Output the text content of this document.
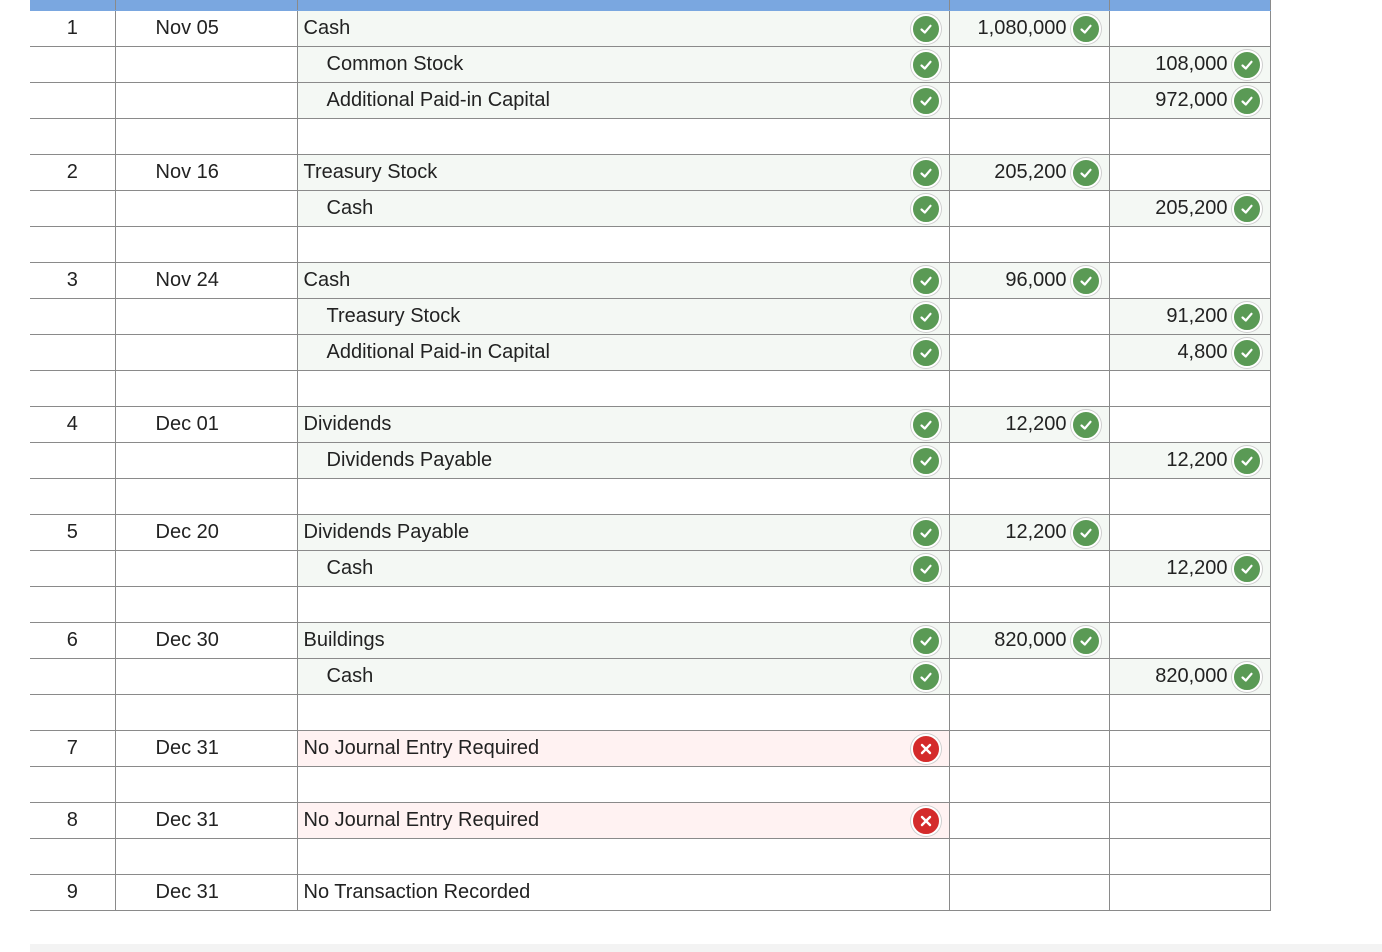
1	Nov 05	Cash	1,080,000	

		Common Stock		108,000

		Additional Paid-in Capital		972,000

2	Nov 16	Treasury Stock	205,200	

		Cash		205,200

3	Nov 24	Cash	96,000	

		Treasury Stock		91,200

		Additional Paid-in Capital		4,800

4	Dec 01	Dividends	12,200	

		Dividends Payable		12,200

5	Dec 20	Dividends Payable	12,200	

		Cash		12,200

6	Dec 30	Buildings	820,000	

		Cash		820,000

7	Dec 31	No Journal Entry Required		

8	Dec 31	No Journal Entry Required		

9	Dec 31	No Transaction Recorded		
